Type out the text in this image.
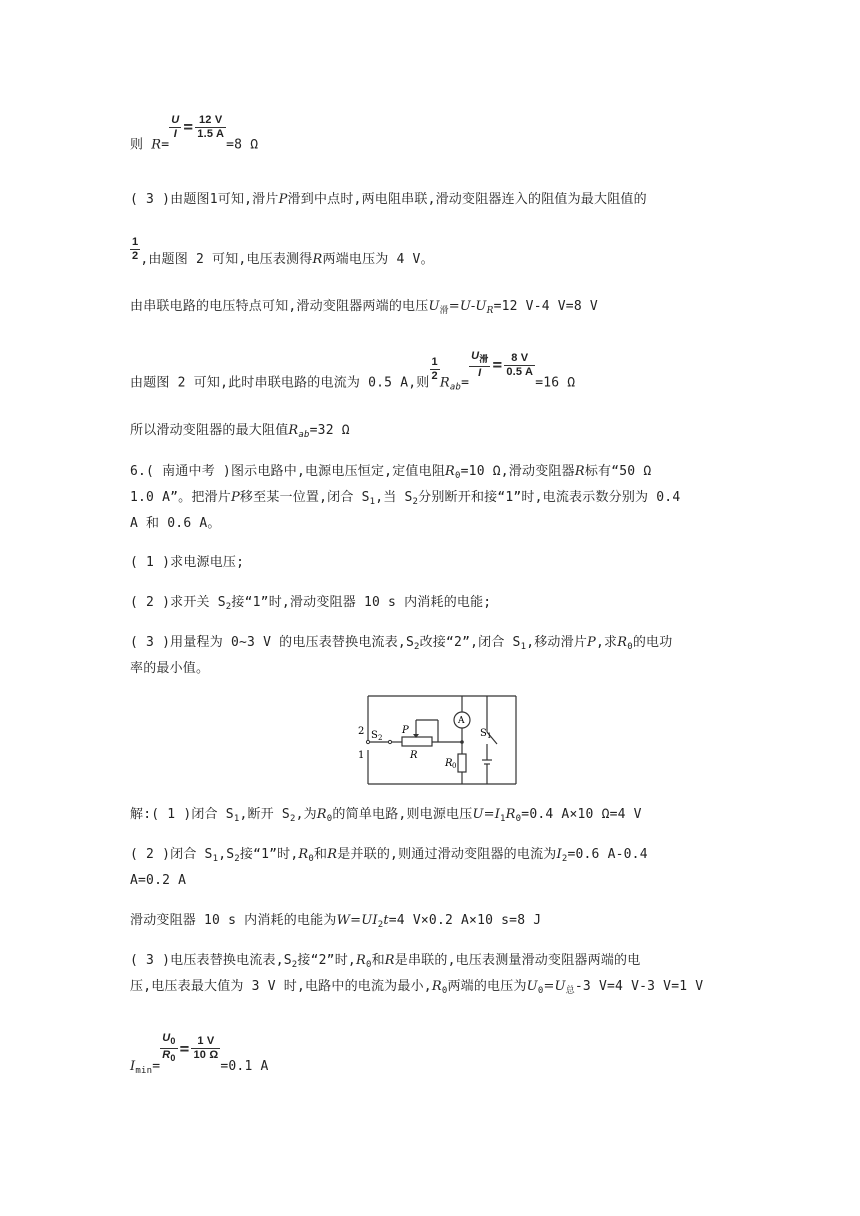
则 R=
$\frac{U}{I} = \frac{12 V}{1.5 A}$
=8 Ω
( 3 )由题图1可知,滑片P滑到中点时,两电阻串联,滑动变阻器连入的阻值为最大阻值的
$\frac{1}{2}$ ,由题图 2 可知,电压表测得R两端电压为 4 V。
由串联电路的电压特点可知,滑动变阻器两端的电压$U_滑=U-U_R=12$ V-4 V=8 V
由题图 2 可知,此时串联电路的电流为 0.5 A,则
$\frac{1}{2}$
$R_{ab}=$
$\frac{U_滑}{I} = \frac{8 V}{0.5 A}$
=16 Ω
所以滑动变阻器的最大阻值$R_{ab}=32$ Ω
6.( 南通中考 )图示电路中,电源电压恒定,定值电阻$R_0=10$ Ω,滑动变阻器R标有“50 Ω
1.0 A”。把滑片P移至某一位置,闭合 $S_1$,当 $S_2$分别断开和接“1”时,电流表示数分别为 0.4
A 和 0.6 A。
( 1 )求电源电压;
( 2 )求开关 $S_2$接“1”时,滑动变阻器 10 s 内消耗的电能;
( 3 )用量程为 0~3 V 的电压表替换电流表$,S_2$改接“2”,闭合 $S_1$,移动滑片P,求$R_0$的电功
率的最小值。
A
2
1
S 2
P
R
S 1
R 0
解:( 1 )闭合 $S_1$,断开 $S_2$,为$R_0$的简单电路,则电源电压$U=I_1R_0=0.4$ A×10 Ω=4 V
( 2 )闭合 $S_1,S_2$接“1”时$,R_0$和R是并联的,则通过滑动变阻器的电流为$I_2=0.6$ A-0.4
A=0.2 A
滑动变阻器 10 s 内消耗的电能为$W=UI_2t=4$ V×0.2 A×10 s=8 J
( 3 )电压表替换电流表$,S_2$接“2”时$,R_0$和R是串联的,电压表测量滑动变阻器两端的电
压,电压表最大值为 3 V 时,电路中的电流为最小$,R_0$两端的电压为$U_0=U_总-3$ V=4 V-3 V=1 V
$I_{min}=$
$\frac{U_0}{R_0} = \frac{1 V}{10 \Omega}$
=0.1 A
